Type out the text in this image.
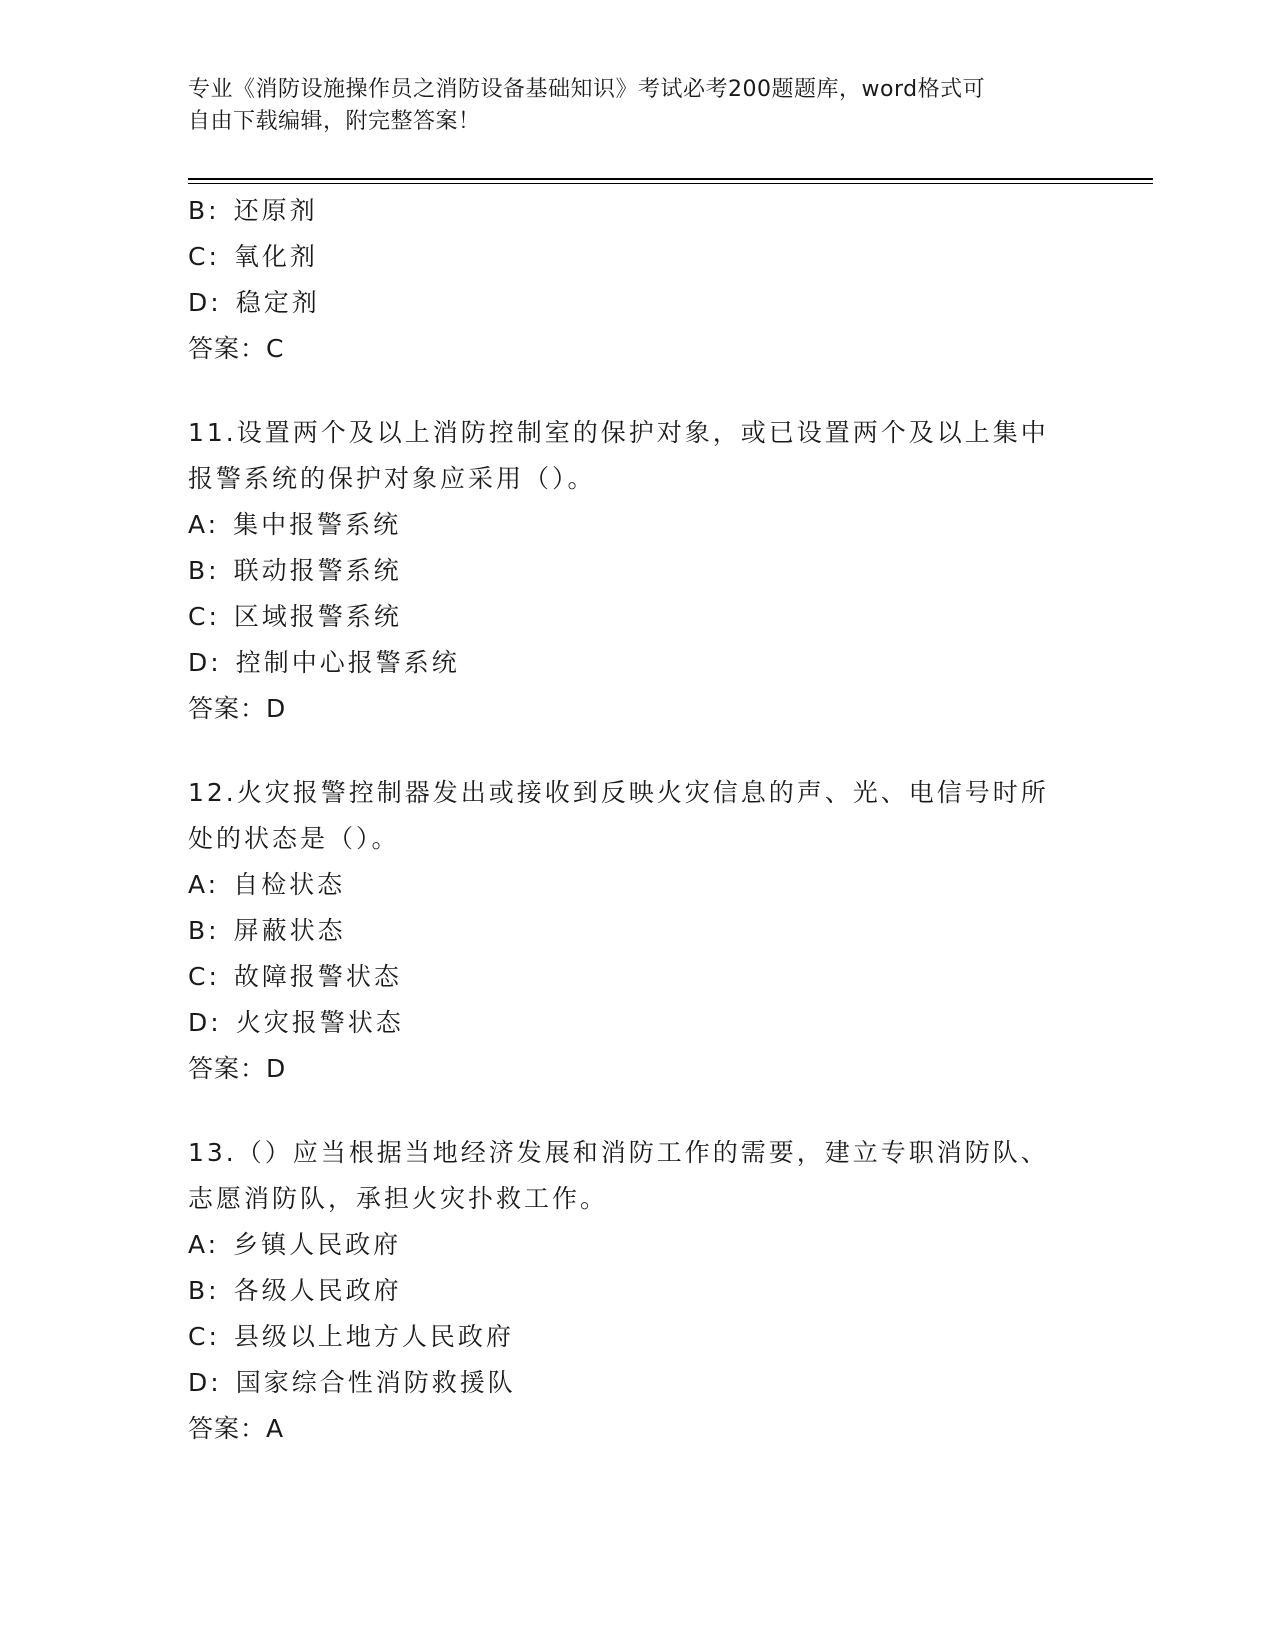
专业《消防设施操作员之消防设备基础知识》考试必考200题题库，word格式可
自由下载编辑，附完整答案！
B: 还原剂
C: 氧化剂
D: 稳定剂
答案：C
11.设置两个及以上消防控制室的保护对象，或已设置两个及以上集中
报警系统的保护对象应采用（）。
A: 集中报警系统
B: 联动报警系统
C: 区域报警系统
D: 控制中心报警系统
答案：D
12.火灾报警控制器发出或接收到反映火灾信息的声、光、电信号时所
处的状态是（）。
A: 自检状态
B: 屏蔽状态
C: 故障报警状态
D: 火灾报警状态
答案：D
13.（）应当根据当地经济发展和消防工作的需要，建立专职消防队、
志愿消防队，承担火灾扑救工作。
A: 乡镇人民政府
B: 各级人民政府
C: 县级以上地方人民政府
D: 国家综合性消防救援队
答案：A
